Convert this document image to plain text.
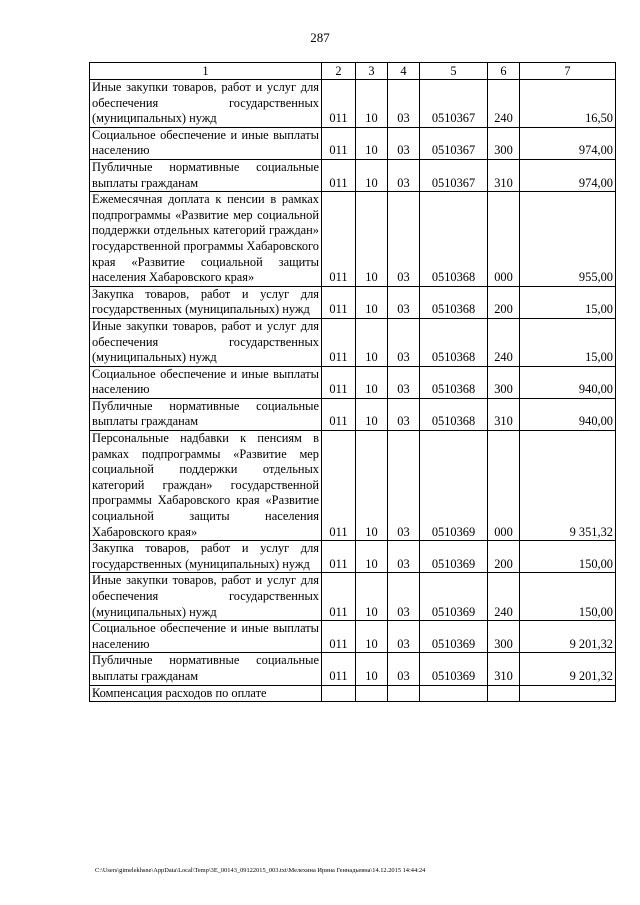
287
1	2	3	4	5	6	7
Иные закупки товаров, работ и услуг для обеспечения государственных (муниципальных) нужд	011	10	03	0510367	240	16,50
Социальное обеспечение и иные выплаты населению	011	10	03	0510367	300	974,00
Публичные нормативные социальные выплаты гражданам	011	10	03	0510367	310	974,00
Ежемесячная доплата к пенсии в рамках подпрограммы «Развитие мер социальной поддержки отдельных категорий граждан» государственной программы Хабаровского края «Развитие социальной защиты населения Хабаровского края»	011	10	03	0510368	000	955,00
Закупка товаров, работ и услуг для государственных (муниципальных) нужд	011	10	03	0510368	200	15,00
Иные закупки товаров, работ и услуг для обеспечения государственных (муниципальных) нужд	011	10	03	0510368	240	15,00
Социальное обеспечение и иные выплаты населению	011	10	03	0510368	300	940,00
Публичные нормативные социальные выплаты гражданам	011	10	03	0510368	310	940,00
Персональные надбавки к пенсиям в рамках подпрограммы «Развитие мер социальной поддержки отдельных категорий граждан» государственной программы Хабаровского края «Развитие социальной защиты населения Хабаровского края»	011	10	03	0510369	000	9 351,32
Закупка товаров, работ и услуг для государственных (муниципальных) нужд	011	10	03	0510369	200	150,00
Иные закупки товаров, работ и услуг для обеспечения государственных (муниципальных) нужд	011	10	03	0510369	240	150,00
Социальное обеспечение и иные выплаты населению	011	10	03	0510369	300	9 201,32
Публичные нормативные социальные выплаты гражданам	011	10	03	0510369	310	9 201,32
Компенсация расходов по оплате						
C:\Users\gimelekhsne\AppData\Local\Temp\3E_00143_09122015_003.txt\Мелехина Ирина Геннадьевна\14.12.2015 14:44:24
